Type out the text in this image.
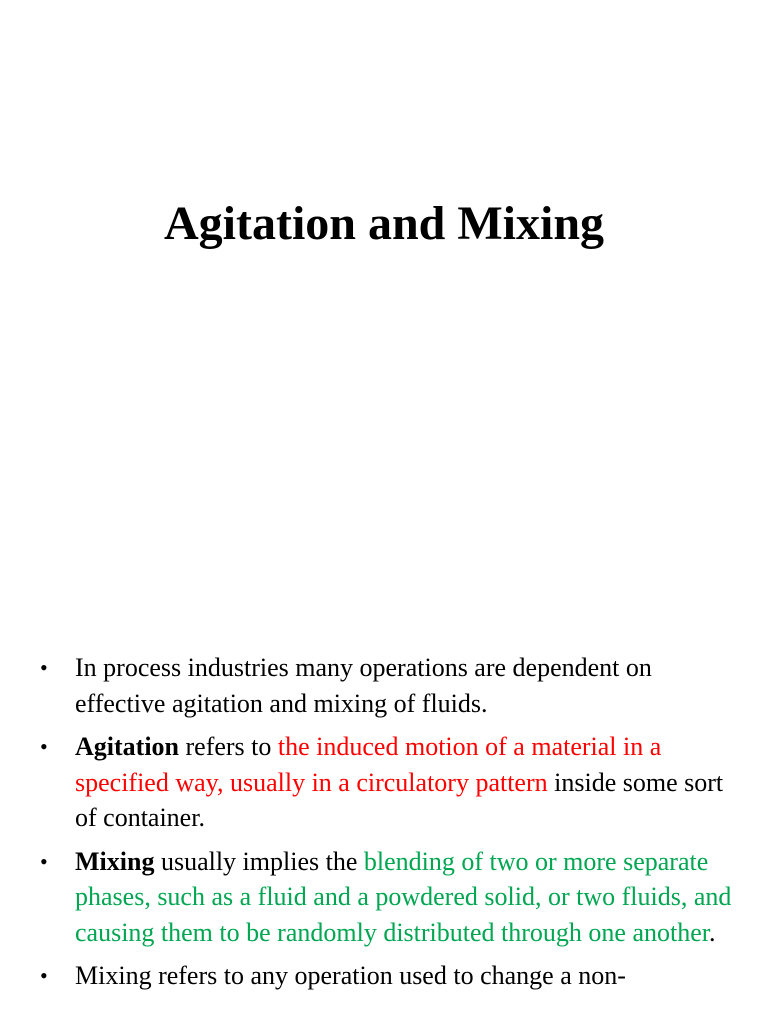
Agitation and Mixing
• In process industries many operations are dependent on effective agitation and mixing of fluids.
• Agitation refers to the induced motion of a material in a specified way, usually in a circulatory pattern inside some sort of container.
• Mixing usually implies the blending of two or more separate phases, such as a fluid and a powdered solid, or two fluids, and causing them to be randomly distributed through one another.
• Mixing refers to any operation used to change a non-
